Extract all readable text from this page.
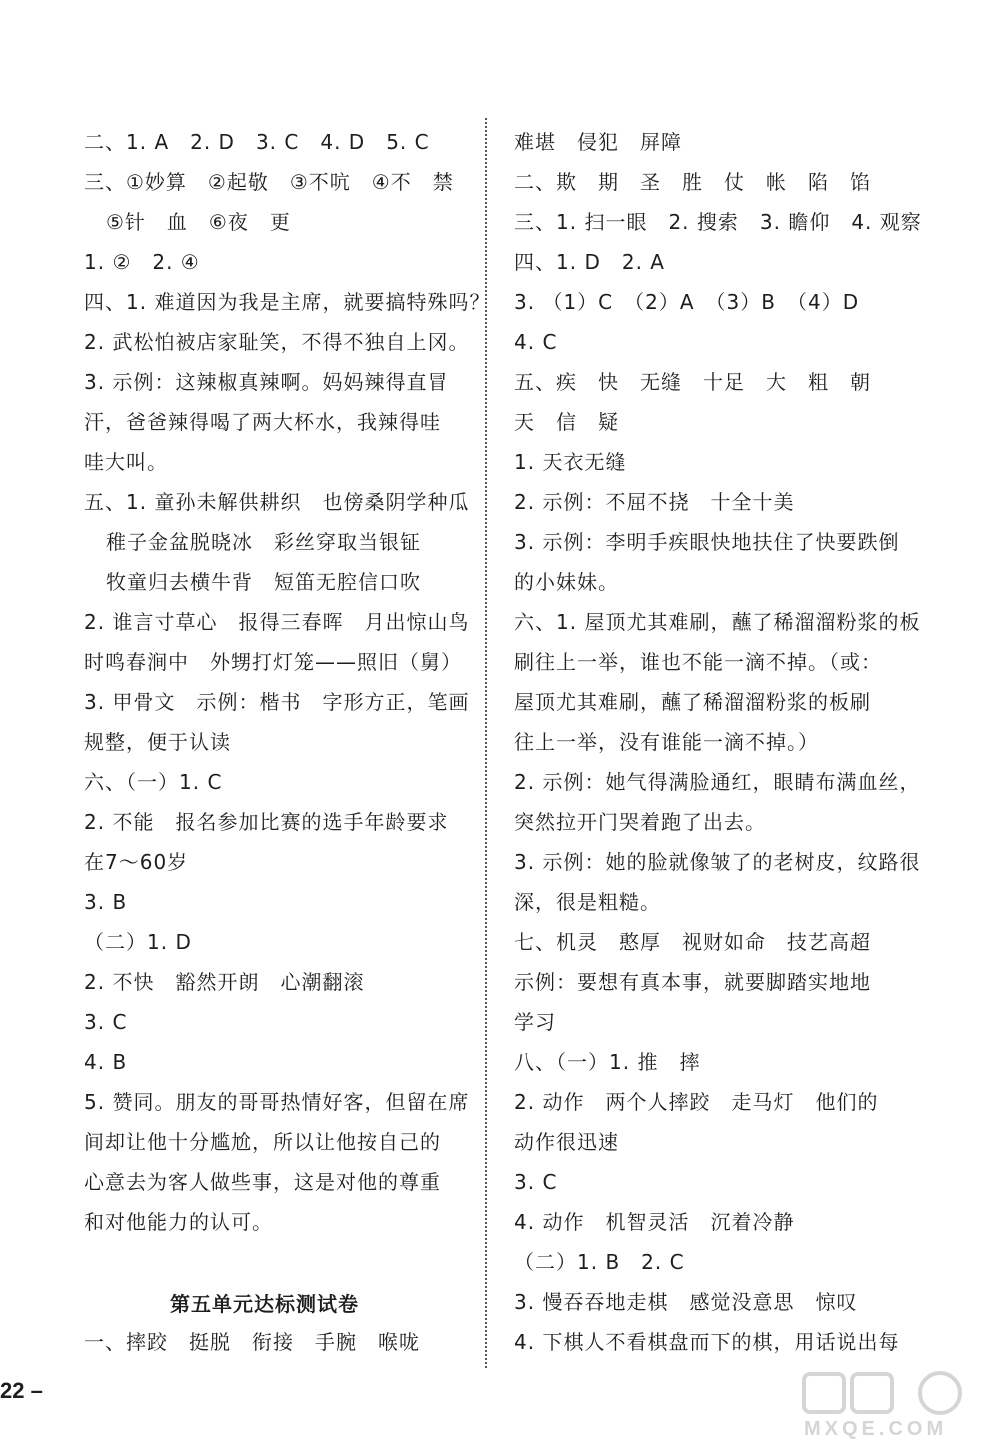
二、1. A　2. D　3. C　4. D　5. C
三、①妙算　②起敬　③不吭　④不　禁
⑤针　血　⑥夜　更
1. ②　2. ④
四、1. 难道因为我是主席，就要搞特殊吗？
2. 武松怕被店家耻笑，不得不独自上冈。
3. 示例：这辣椒真辣啊。妈妈辣得直冒
汗，爸爸辣得喝了两大杯水，我辣得哇
哇大叫。
五、1. 童孙未解供耕织　也傍桑阴学种瓜
稚子金盆脱晓冰　彩丝穿取当银钲
牧童归去横牛背　短笛无腔信口吹
2. 谁言寸草心　报得三春晖　月出惊山鸟
时鸣春涧中　外甥打灯笼——照旧（舅）
3. 甲骨文　示例：楷书　字形方正，笔画
规整，便于认读
六、（一）1. C
2. 不能　报名参加比赛的选手年龄要求
在7～60岁
3. B
（二）1. D
2. 不快　豁然开朗　心潮翻滚
3. C
4. B
5. 赞同。朋友的哥哥热情好客，但留在席
间却让他十分尴尬，所以让他按自己的
心意去为客人做些事，这是对他的尊重
和对他能力的认可。
一、摔跤　挺脱　衔接　手腕　喉咙
难堪　侵犯　屏障
二、欺　期　圣　胜　仗　帐　陷　馅
三、1. 扫一眼　2. 搜索　3. 瞻仰　4. 观察
四、1. D　2. A
3. （1）C　（2）A　（3）B　（4）D
4. C
五、疾　快　无缝　十足　大　粗　朝
天　信　疑
1. 天衣无缝
2. 示例：不屈不挠　十全十美
3. 示例：李明手疾眼快地扶住了快要跌倒
的小妹妹。
六、1. 屋顶尤其难刷，蘸了稀溜溜粉浆的板
刷往上一举，谁也不能一滴不掉。（或：
屋顶尤其难刷，蘸了稀溜溜粉浆的板刷
往上一举，没有谁能一滴不掉。）
2. 示例：她气得满脸通红，眼睛布满血丝，
突然拉开门哭着跑了出去。
3. 示例：她的脸就像皱了的老树皮，纹路很
深，很是粗糙。
七、机灵　憨厚　视财如命　技艺高超
示例：要想有真本事，就要脚踏实地地
学习
八、（一）1. 推　摔
2. 动作　两个人摔跤　走马灯　他们的
动作很迅速
3. C
4. 动作　机智灵活　沉着冷静
（二）1. B　2. C
3. 慢吞吞地走棋　感觉没意思　惊叹
4. 下棋人不看棋盘而下的棋，用话说出每
第五单元达标测试卷
22 –
MXQE.COM
